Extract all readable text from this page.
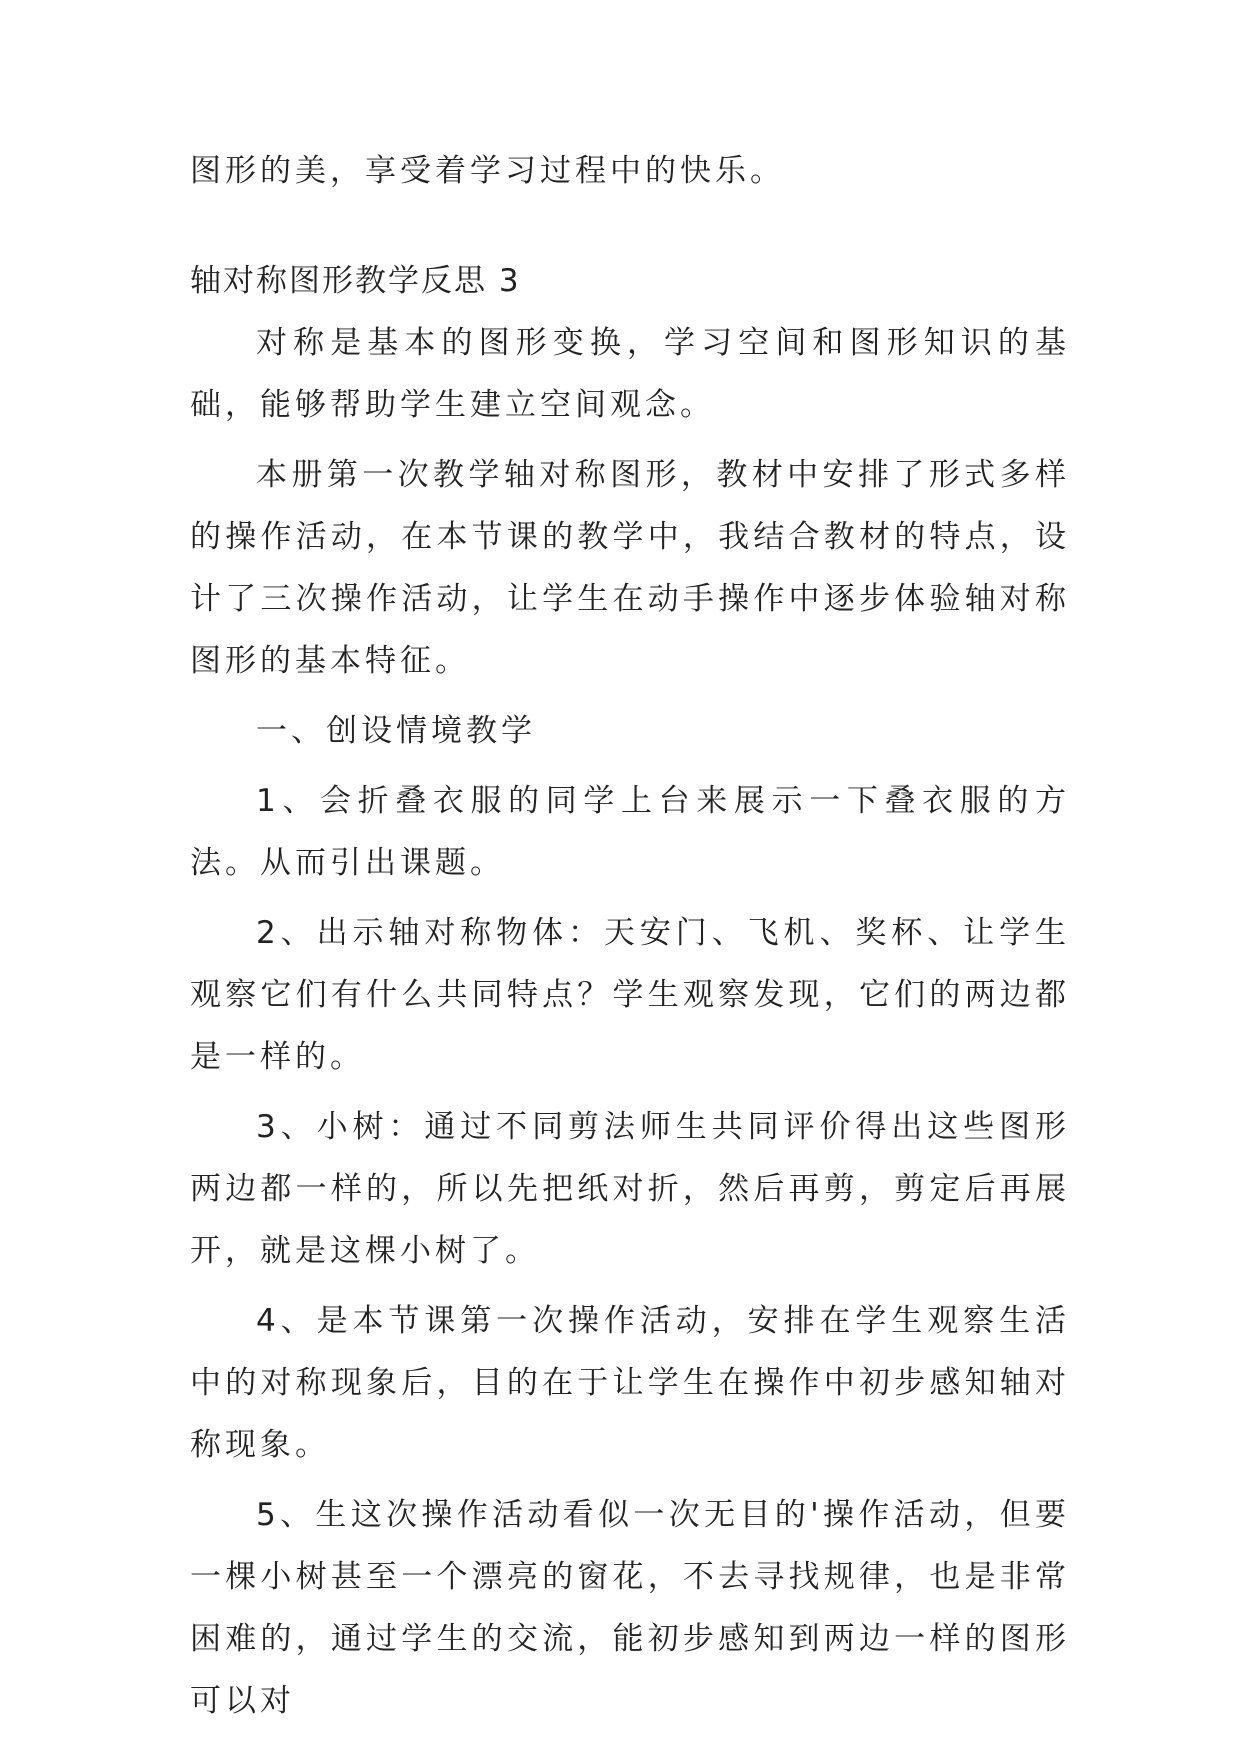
图形的美，享受着学习过程中的快乐。

轴对称图形教学反思 3

对称是基本的图形变换，学习空间和图形知识的基础，能够帮助学生建立空间观念。

本册第一次教学轴对称图形，教材中安排了形式多样的操作活动，在本节课的教学中，我结合教材的特点，设计了三次操作活动，让学生在动手操作中逐步体验轴对称图形的基本特征。

一、创设情境教学

1、会折叠衣服的同学上台来展示一下叠衣服的方法。从而引出课题。

2、出示轴对称物体：天安门、飞机、奖杯、让学生观察它们有什么共同特点？学生观察发现，它们的两边都是一样的。

3、小树：通过不同剪法师生共同评价得出这些图形两边都一样的，所以先把纸对折，然后再剪，剪定后再展开，就是这棵小树了。

4、是本节课第一次操作活动，安排在学生观察生活中的对称现象后，目的在于让学生在操作中初步感知轴对称现象。

5、生这次操作活动看似一次无目的'操作活动，但要一棵小树甚至一个漂亮的窗花，不去寻找规律，也是非常困难的，通过学生的交流，能初步感知到两边一样的图形可以对
